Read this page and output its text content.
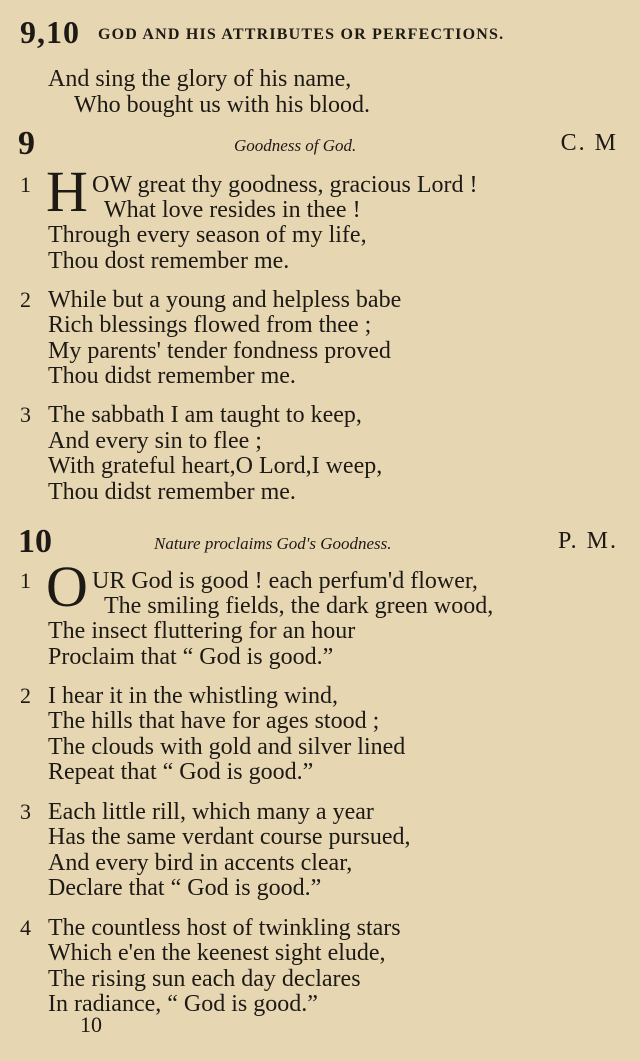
9,10 GOD AND HIS ATTRIBUTES OR PERFECTIONS.
And sing the glory of his name,
Who bought us with his blood.
9	Goodness of God.	C. M
1 H OW great thy goodness, gracious Lord !
What love resides in thee !
Through every season of my life,
Thou dost remember me.
2 While but a young and helpless babe
Rich blessings flowed from thee ;
My parents' tender fondness proved
Thou didst remember me.
3 The sabbath I am taught to keep,
And every sin to flee ;
With grateful heart,O Lord,I weep,
Thou didst remember me.
10	Nature proclaims God's Goodness.	P. M.
1 O UR God is good ! each perfum'd flower,
The smiling fields, the dark green wood,
The insect fluttering for an hour
Proclaim that “ God is good.”
2 I hear it in the whistling wind,
The hills that have for ages stood ;
The clouds with gold and silver lined
Repeat that “ God is good.”
3 Each little rill, which many a year
Has the same verdant course pursued,
And every bird in accents clear,
Declare that “ God is good.”
4 The countless host of twinkling stars
Which e'en the keenest sight elude,
The rising sun each day declares
In radiance, “ God is good.”
10
